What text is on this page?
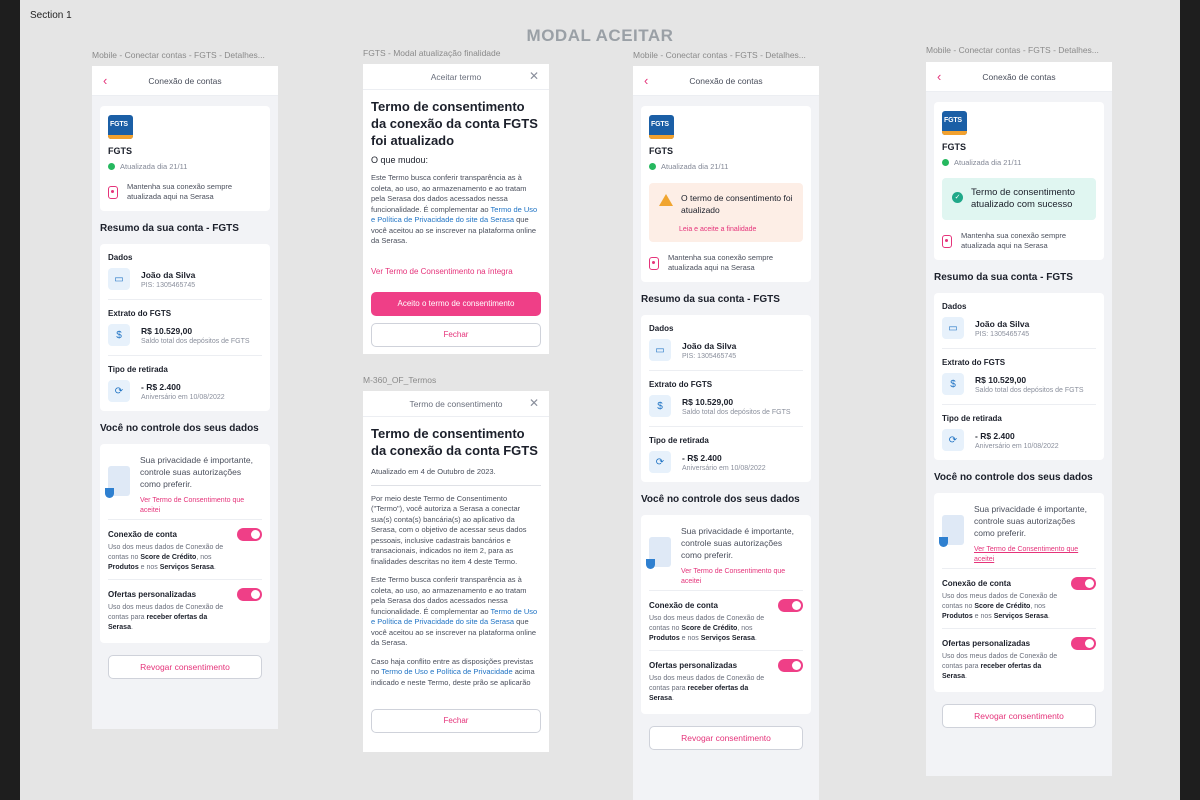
Section 1
MODAL ACEITAR
Mobile - Conectar contas - FGTS - Detalhes...	FGTS - Modal atualização finalidade	Mobile - Conectar contas - FGTS - Detalhes...	Mobile - Conectar contas - FGTS - Detalhes...
M-360_OF_Termos
‹	Conexão de contas
FGTS
FGTS
Atualizada dia 21/11
Mantenha sua conexão sempre atualizada aqui na Serasa
Resumo da sua conta - FGTS
Dados
▭	João da Silva
PIS: 1305465745
Extrato do FGTS
$	R$ 10.529,00
Saldo total dos depósitos de FGTS
Tipo de retirada
⟳	- R$ 2.400
Aniversário em 10/08/2022
Você no controle dos seus dados
Sua privacidade é importante, controle suas autorizações como preferir.
Ver Termo de Consentimento que aceitei
Conexão de conta
Uso dos meus dados de Conexão de contas no Score de Crédito, nos Produtos e nos Serviços Serasa.
Ofertas personalizadas
Uso dos meus dados de Conexão de contas para receber ofertas da Serasa.
Revogar consentimento
Aceitar termo	✕
Termo de consentimento da conexão da conta FGTS foi atualizado
O que mudou:
Este Termo busca conferir transparência as à coleta, ao uso, ao armazenamento e ao tratam pela Serasa dos dados acessados nessa funcionalidade. É complementar ao Termo de Uso e Política de Privacidade do site da Serasa que você aceitou ao se inscrever na plataforma online da Serasa.
Ver Termo de Consentimento na íntegra
Aceito o termo de consentimento
Fechar
Termo de consentimento	✕
Termo de consentimento da conexão da conta FGTS
Atualizado em 4 de Outubro de 2023.
Por meio deste Termo de Consentimento ("Termo"), você autoriza a Serasa a conectar sua(s) conta(s) bancária(s) ao aplicativo da Serasa, com o objetivo de acessar seus dados pessoais, inclusive cadastrais bancários e transacionais, indicados no item 2, para as finalidades descritas no item 4 deste Termo.
Este Termo busca conferir transparência as à coleta, ao uso, ao armazenamento e ao tratam pela Serasa dos dados acessados nessa funcionalidade. É complementar ao Termo de Uso e Política de Privacidade do site da Serasa que você aceitou ao se inscrever na plataforma online da Serasa.
Caso haja conflito entre as disposições previstas no Termo de Uso e Política de Privacidade acima indicado e neste Termo, deste prão se aplicarão
Fechar
‹	Conexão de contas
FGTS
FGTS
Atualizada dia 21/11
O termo de consentimento foi atualizado
Leia e aceite a finalidade
Mantenha sua conexão sempre atualizada aqui na Serasa
Resumo da sua conta - FGTS
Dados
▭	João da Silva
PIS: 1305465745
Extrato do FGTS
$	R$ 10.529,00
Saldo total dos depósitos de FGTS
Tipo de retirada
⟳	- R$ 2.400
Aniversário em 10/08/2022
Você no controle dos seus dados
Sua privacidade é importante, controle suas autorizações como preferir.
Ver Termo de Consentimento que aceitei
Conexão de conta
Uso dos meus dados de Conexão de contas no Score de Crédito, nos Produtos e nos Serviços Serasa.
Ofertas personalizadas
Uso dos meus dados de Conexão de contas para receber ofertas da Serasa.
Revogar consentimento
‹	Conexão de contas
FGTS
FGTS
Atualizada dia 21/11
✓ Termo de consentimento atualizado com sucesso
Mantenha sua conexão sempre atualizada aqui na Serasa
Resumo da sua conta - FGTS
Dados
▭	João da Silva
PIS: 1305465745
Extrato do FGTS
$	R$ 10.529,00
Saldo total dos depósitos de FGTS
Tipo de retirada
⟳	- R$ 2.400
Aniversário em 10/08/2022
Você no controle dos seus dados
Sua privacidade é importante, controle suas autorizações como preferir.
Ver Termo de Consentimento que aceitei
Conexão de conta
Uso dos meus dados de Conexão de contas no Score de Crédito, nos Produtos e nos Serviços Serasa.
Ofertas personalizadas
Uso dos meus dados de Conexão de contas para receber ofertas da Serasa.
Revogar consentimento
